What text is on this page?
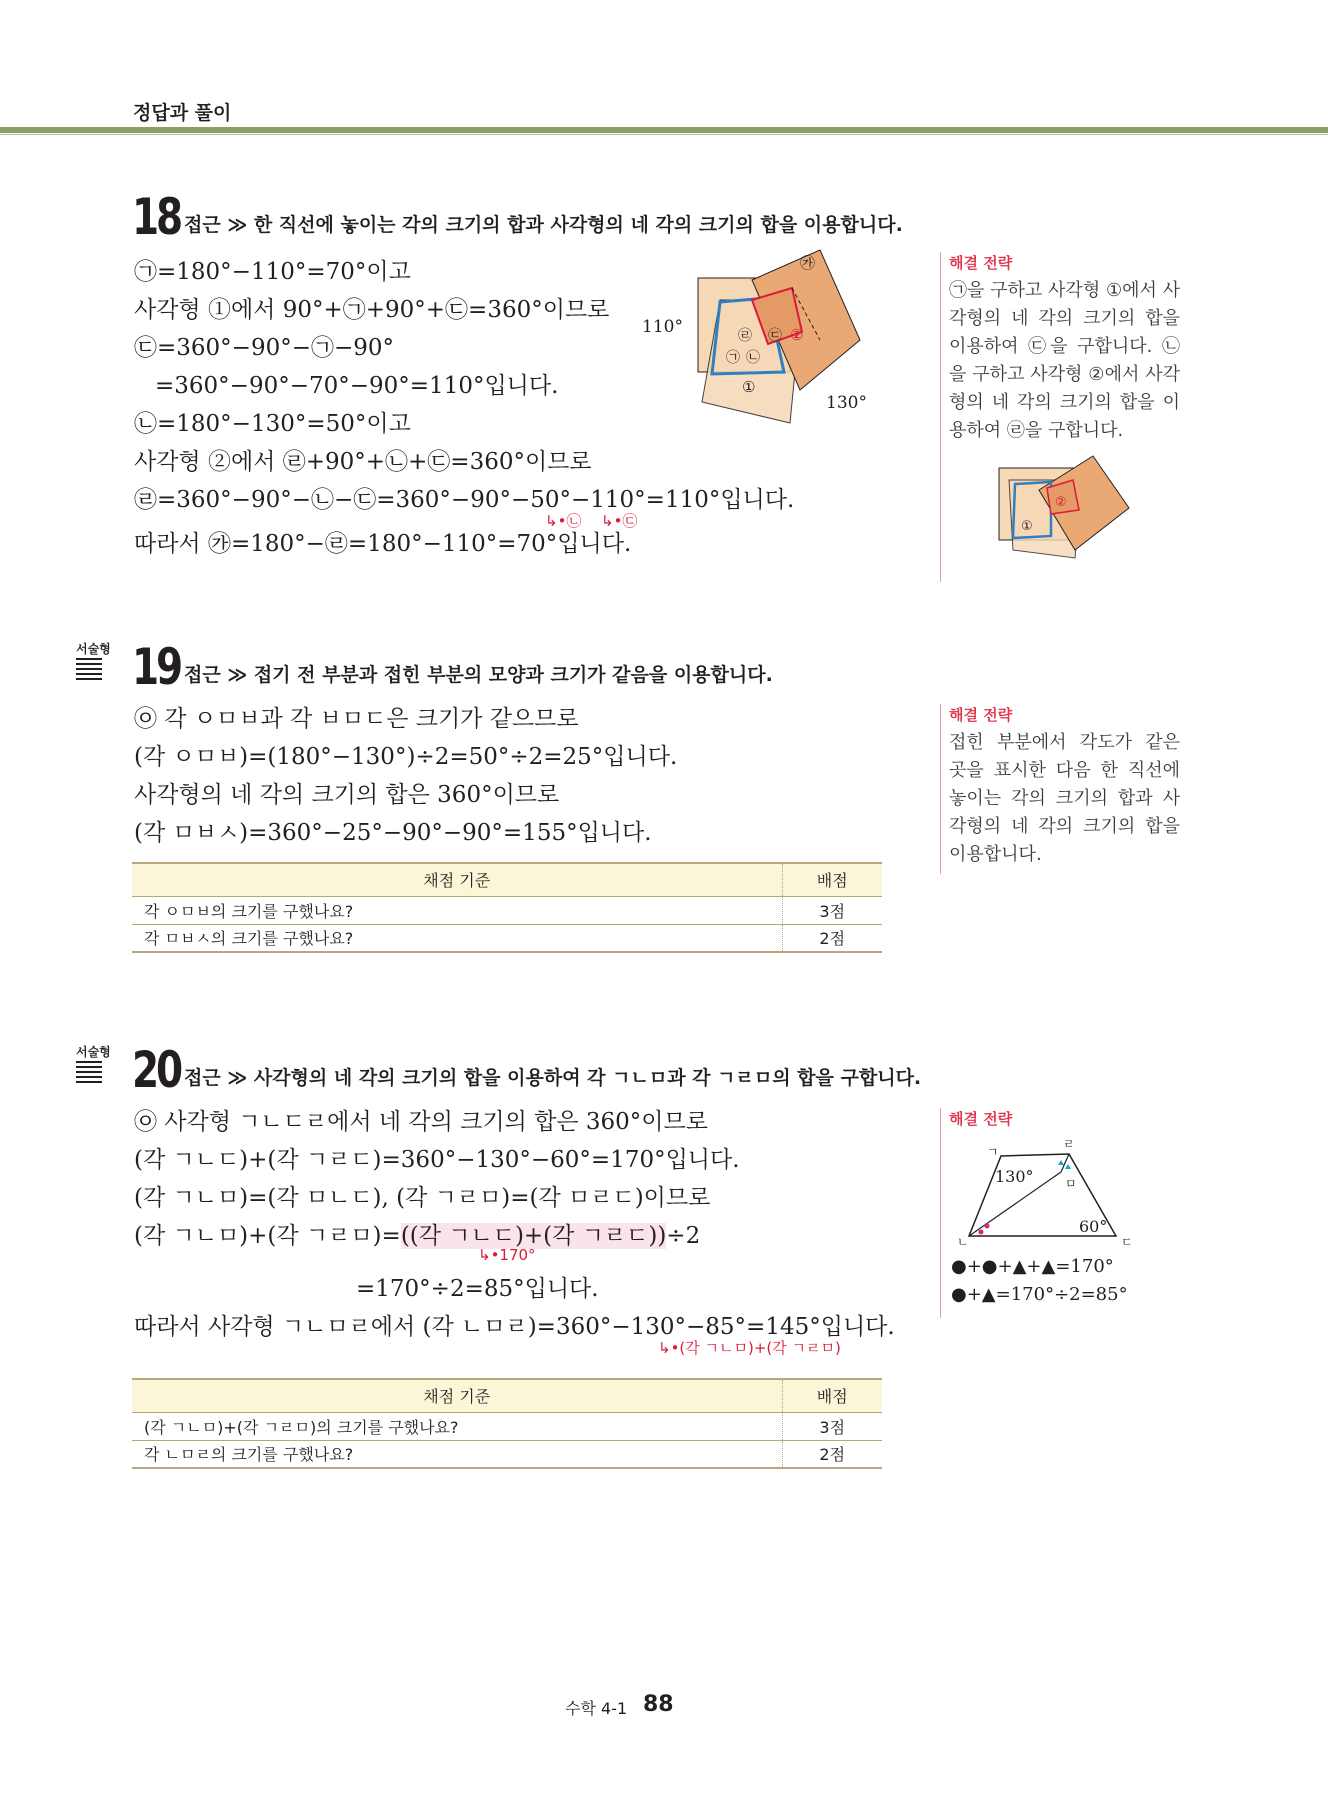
정답과 풀이
18 접근 ≫ 한 직선에 놓이는 각의 크기의 합과 사각형의 네 각의 크기의 합을 이용합니다.
㉠=180°−110°=70°이고
사각형 ①에서 90°+㉠+90°+㉢=360°이므로
㉢=360°−90°−㉠−90°
=360°−90°−70°−90°=110°입니다.
㉡=180°−130°=50°이고
사각형 ②에서 ㉣+90°+㉡+㉢=360°이므로
㉣=360°−90°−㉡−㉢=360°−90°−50°−110°=110°입니다.
↳•㉡ ↳•㉢
따라서 ㉮=180°−㉣=180°−110°=70°입니다.
110°
130°
①
②
㉮
㉠ ㉡
㉢
㉣
해결 전략
㉠을 구하고 사각형 ①에서 사각형의 네 각의 크기의 합을 이용하여 ㉢을 구합니다. ㉡을 구하고 사각형 ②에서 사각형의 네 각의 크기의 합을 이용하여 ㉣을 구합니다.
①
②
서술형 19 접근 ≫ 접기 전 부분과 접힌 부분의 모양과 크기가 같음을 이용합니다.
㉧ 각 ㅇㅁㅂ과 각 ㅂㅁㄷ은 크기가 같으므로
(각 ㅇㅁㅂ)=(180°−130°)÷2=50°÷2=25°입니다.
사각형의 네 각의 크기의 합은 360°이므로
(각 ㅁㅂㅅ)=360°−25°−90°−90°=155°입니다.
채점 기준	배점
각 ㅇㅁㅂ의 크기를 구했나요?	3점
각 ㅁㅂㅅ의 크기를 구했나요?	2점
해결 전략
접힌 부분에서 각도가 같은 곳을 표시한 다음 한 직선에 놓이는 각의 크기의 합과 사각형의 네 각의 크기의 합을 이용합니다.
서술형 20 접근 ≫ 사각형의 네 각의 크기의 합을 이용하여 각 ㄱㄴㅁ과 각 ㄱㄹㅁ의 합을 구합니다.
㉧ 사각형 ㄱㄴㄷㄹ에서 네 각의 크기의 합은 360°이므로
(각 ㄱㄴㄷ)+(각 ㄱㄹㄷ)=360°−130°−60°=170°입니다.
(각 ㄱㄴㅁ)=(각 ㅁㄴㄷ), (각 ㄱㄹㅁ)=(각 ㅁㄹㄷ)이므로
(각 ㄱㄴㅁ)+(각 ㄱㄹㅁ)=((각 ㄱㄴㄷ)+(각 ㄱㄹㄷ))÷2
↳•170°
=170°÷2=85°입니다.
따라서 사각형 ㄱㄴㅁㄹ에서 (각 ㄴㅁㄹ)=360°−130°−85°=145°입니다.
↳•(각 ㄱㄴㅁ)+(각 ㄱㄹㅁ)
채점 기준	배점
(각 ㄱㄴㅁ)+(각 ㄱㄹㅁ)의 크기를 구했나요?	3점
각 ㄴㅁㄹ의 크기를 구했나요?	2점
해결 전략
ㄹ
ㄱ
ㅁ
ㄴ	ㄷ
130°
60°
●+●+▲+▲=170°
●+▲=170°÷2=85°
수학 4-1 88
